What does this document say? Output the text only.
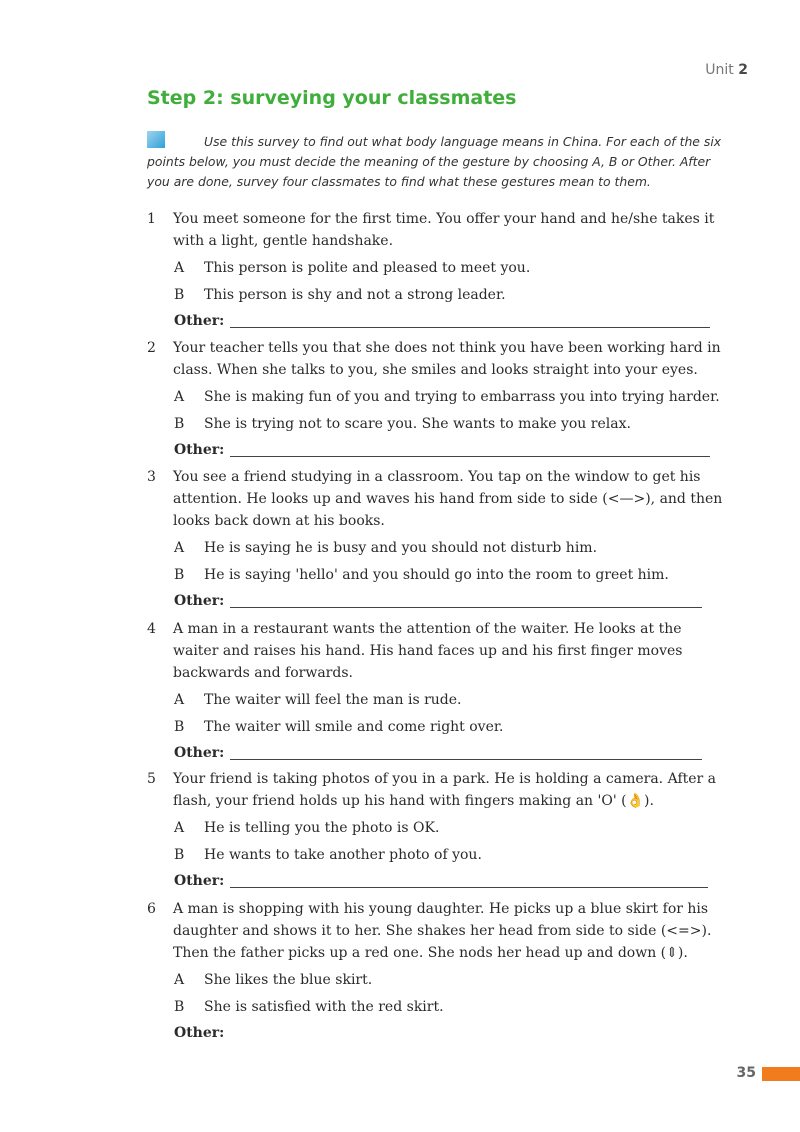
Unit 2
Step 2: surveying your classmates

Use this survey to find out what body language means in China. For each of the six points below, you must decide the meaning of the gesture by choosing A, B or Other. After you are done, survey four classmates to find what these gestures mean to them.

1 You meet someone for the first time. You offer your hand and he/she takes it with a light, gentle handshake.

A This person is polite and pleased to meet you.
B This person is shy and not a strong leader.
Other:
2 Your teacher tells you that she does not think you have been working hard in class. When she talks to you, she smiles and looks straight into your eyes.

A She is making fun of you and trying to embarrass you into trying harder.
B She is trying not to scare you. She wants to make you relax.
Other:
3 You see a friend studying in a classroom. You tap on the window to get his attention. He looks up and waves his hand from side to side (<—>), and then looks back down at his books.

A He is saying he is busy and you should not disturb him.
B He is saying 'hello' and you should go into the room to greet him.
Other:
4 A man in a restaurant wants the attention of the waiter. He looks at the waiter and raises his hand. His hand faces up and his first finger moves backwards and forwards.

A The waiter will feel the man is rude.
B The waiter will smile and come right over.
Other:
5 Your friend is taking photos of you in a park. He is holding a camera. After a flash, your friend holds up his hand with fingers making an 'O' (👌).

A He is telling you the photo is OK.
B He wants to take another photo of you.
Other:
6 A man is shopping with his young daughter. He picks up a blue skirt for his daughter and shows it to her. She shakes her head from side to side (<=>). Then the father picks up a red one. She nods her head up and down (⇕).

A She likes the blue skirt.
B She is satisfied with the red skirt.
Other:
35
